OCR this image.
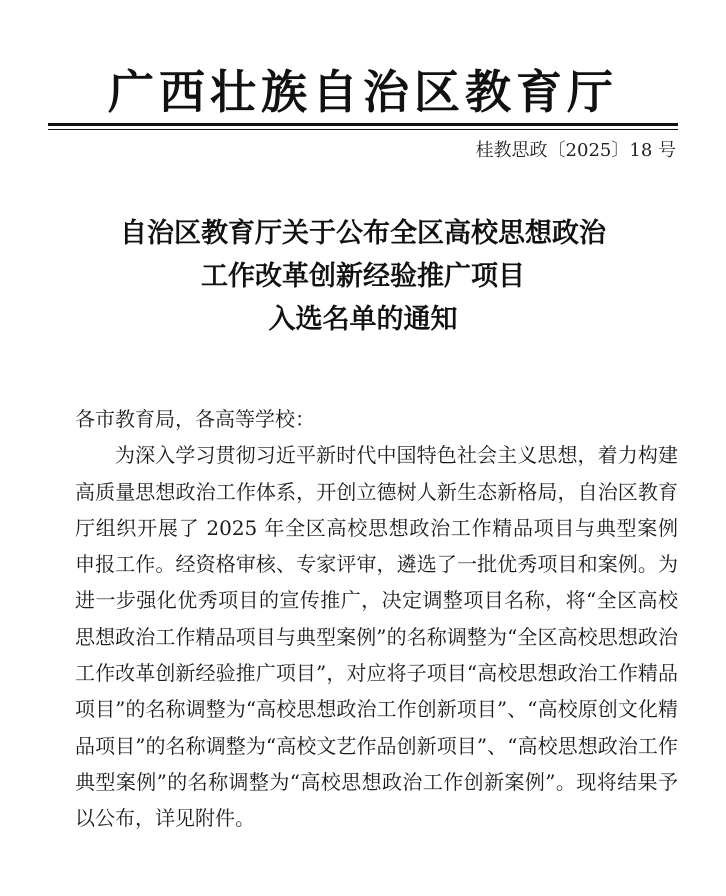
广西壮族自治区教育厅
桂教思政〔2025〕18 号
自治区教育厅关于公布全区高校思想政治
工作改革创新经验推广项目
入选名单的通知

各市教育局，各高等学校：

为深入学习贯彻习近平新时代中国特色社会主义思想，着力构建高质量思想政治工作体系，开创立德树人新生态新格局，自治区教育厅组织开展了 2025 年全区高校思想政治工作精品项目与典型案例申报工作。经资格审核、专家评审，遴选了一批优秀项目和案例。为进一步强化优秀项目的宣传推广，决定调整项目名称，将“全区高校思想政治工作精品项目与典型案例”的名称调整为“全区高校思想政治工作改革创新经验推广项目”，对应将子项目“高校思想政治工作精品项目”的名称调整为“高校思想政治工作创新项目”、“高校原创文化精品项目”的名称调整为“高校文艺作品创新项目”、“高校思想政治工作典型案例”的名称调整为“高校思想政治工作创新案例”。现将结果予以公布，详见附件。
